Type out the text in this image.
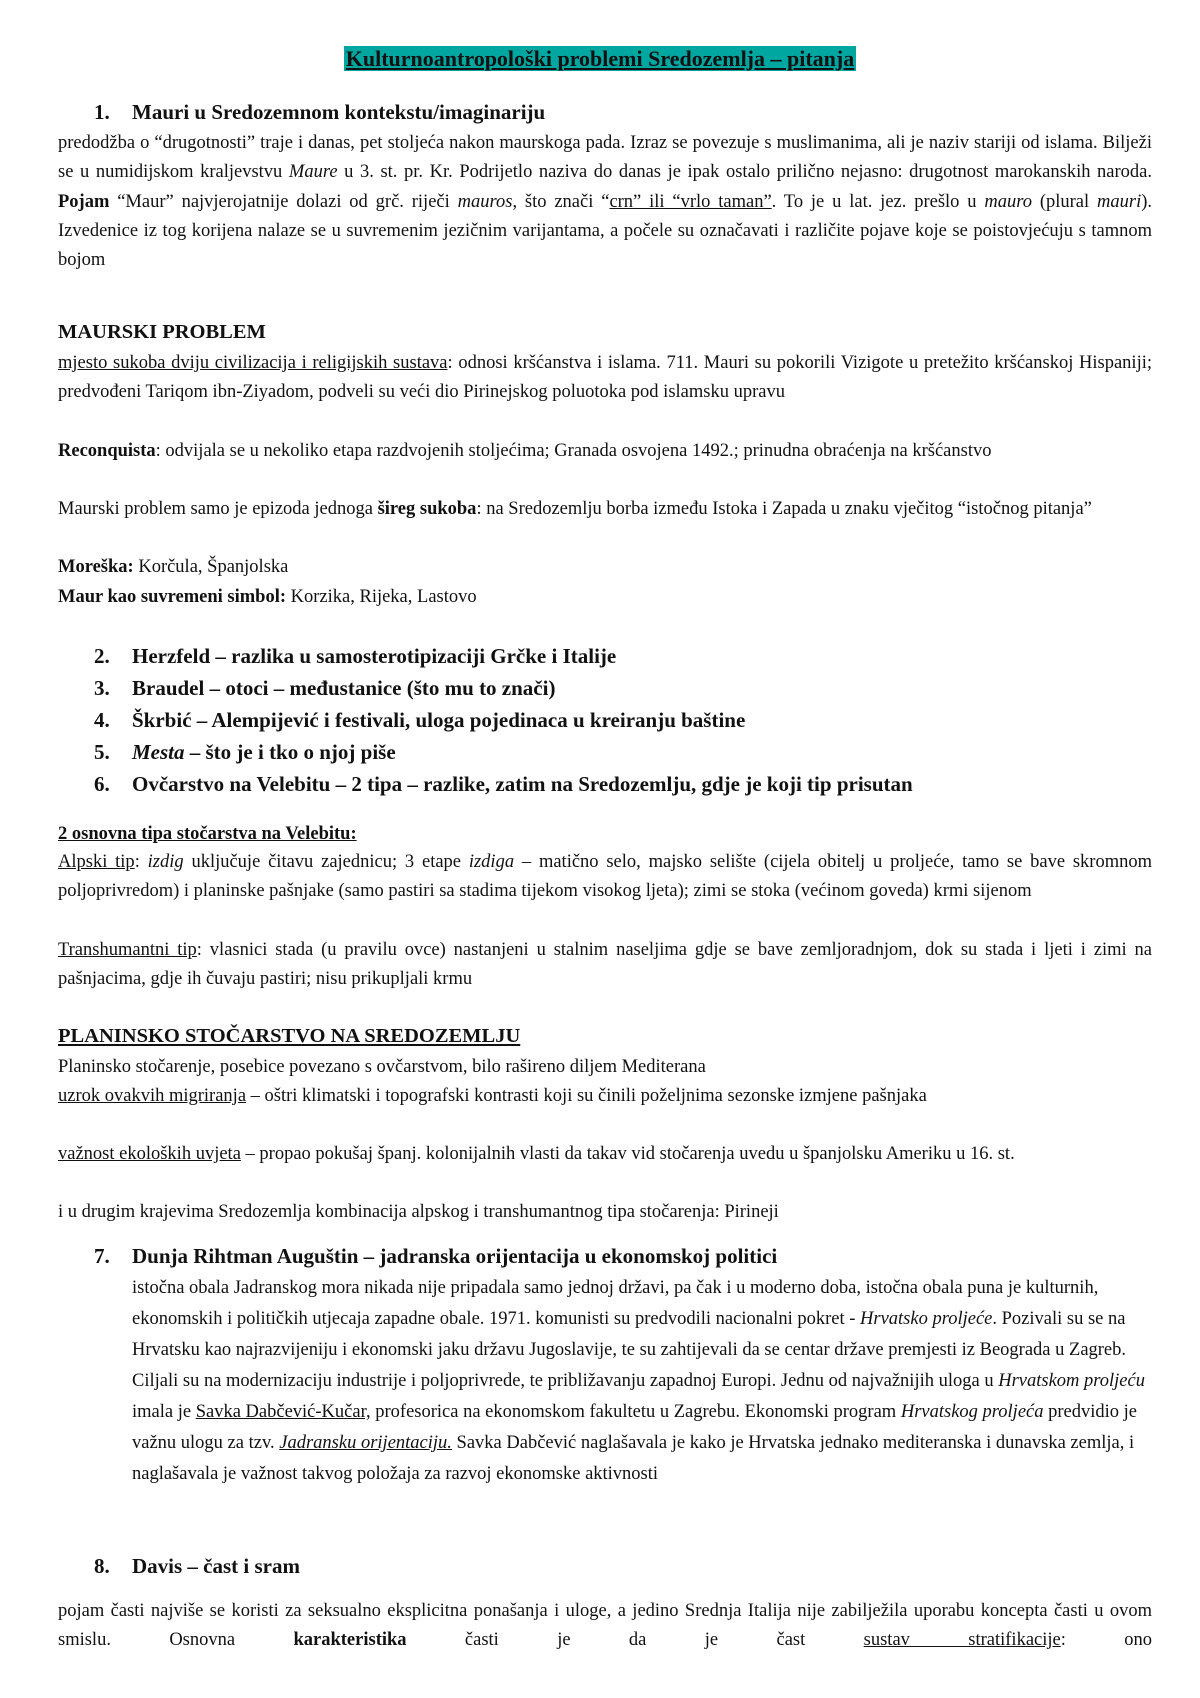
Kulturnoantropološki problemi Sredozemlja – pitanja
1. Mauri u Sredozemnom kontekstu/imaginariju

predodžba o “drugotnosti” traje i danas, pet stoljeća nakon maurskoga pada. Izraz se povezuje s muslimanima, ali je naziv stariji od islama. Bilježi se u numidijskom kraljevstvu Maure u 3. st. pr. Kr. Podrijetlo naziva do danas je ipak ostalo prilično nejasno: drugotnost marokanskih naroda. Pojam “Maur” najvjerojatnije dolazi od grč. riječi mauros, što znači “crn” ili “vrlo taman”. To je u lat. jez. prešlo u mauro (plural mauri). Izvedenice iz tog korijena nalaze se u suvremenim jezičnim varijantama, a počele su označavati i različite pojave koje se poistovjećuju s tamnom bojom

MAURSKI PROBLEM

mjesto sukoba dviju civilizacija i religijskih sustava: odnosi kršćanstva i islama. 711. Mauri su pokorili Vizigote u pretežito kršćanskoj Hispaniji; predvođeni Tariqom ibn-Ziyadom, podveli su veći dio Pirinejskog poluotoka pod islamsku upravu

Reconquista: odvijala se u nekoliko etapa razdvojenih stoljećima; Granada osvojena 1492.; prinudna obraćenja na kršćanstvo

Maurski problem samo je epizoda jednoga šireg sukoba: na Sredozemlju borba između Istoka i Zapada u znaku vječitog “istočnog pitanja”

Moreška: Korčula, Španjolska

Maur kao suvremeni simbol: Korzika, Rijeka, Lastovo

2. Herzfeld – razlika u samosterotipizaciji Grčke i Italije
3. Braudel – otoci – međustanice (što mu to znači)
4. Škrbić – Alempijević i festivali, uloga pojedinaca u kreiranju baštine
5. Mesta – što je i tko o njoj piše
6. Ovčarstvo na Velebitu – 2 tipa – razlike, zatim na Sredozemlju, gdje je koji tip prisutan
2 osnovna tipa stočarstva na Velebitu:

Alpski tip: izdig uključuje čitavu zajednicu; 3 etape izdiga – matično selo, majsko selište (cijela obitelj u proljeće, tamo se bave skromnom poljoprivredom) i planinske pašnjake (samo pastiri sa stadima tijekom visokog ljeta); zimi se stoka (većinom goveda) krmi sijenom

Transhumantni tip: vlasnici stada (u pravilu ovce) nastanjeni u stalnim naseljima gdje se bave zemljoradnjom, dok su stada i ljeti i zimi na pašnjacima, gdje ih čuvaju pastiri; nisu prikupljali krmu

PLANINSKO STOČARSTVO NA SREDOZEMLJU

Planinsko stočarenje, posebice povezano s ovčarstvom, bilo rašireno diljem Mediterana

uzrok ovakvih migriranja – oštri klimatski i topografski kontrasti koji su činili poželjnima sezonske izmjene pašnjaka

važnost ekoloških uvjeta – propao pokušaj španj. kolonijalnih vlasti da takav vid stočarenja uvedu u španjolsku Ameriku u 16. st.

i u drugim krajevima Sredozemlja kombinacija alpskog i transhumantnog tipa stočarenja: Pirineji

7. Dunja Rihtman Auguštin – jadranska orijentacija u ekonomskoj politici

istočna obala Jadranskog mora nikada nije pripadala samo jednoj državi, pa čak i u moderno doba, istočna obala puna je kulturnih, ekonomskih i političkih utjecaja zapadne obale. 1971. komunisti su predvodili nacionalni pokret - Hrvatsko proljeće. Pozivali su se na Hrvatsku kao najrazvijeniju i ekonomski jaku državu Jugoslavije, te su zahtijevali da se centar države premjesti iz Beograda u Zagreb. Ciljali su na modernizaciju industrije i poljoprivrede, te približavanju zapadnoj Europi. Jednu od najvažnijih uloga u Hrvatskom proljeću imala je Savka Dabčević-Kučar, profesorica na ekonomskom fakultetu u Zagrebu. Ekonomski program Hrvatskog proljeća predvidio je važnu ulogu za tzv. Jadransku orijentaciju. Savka Dabčević naglašavala je kako je Hrvatska jednako mediteranska i dunavska zemlja, i naglašavala je važnost takvog položaja za razvoj ekonomske aktivnosti

8. Davis – čast i sram

pojam časti najviše se koristi za seksualno eksplicitna ponašanja i uloge, a jedino Srednja Italija nije zabilježila uporabu koncepta časti u ovom smislu. Osnovna karakteristika časti je da je čast sustav stratifikacije: ono
